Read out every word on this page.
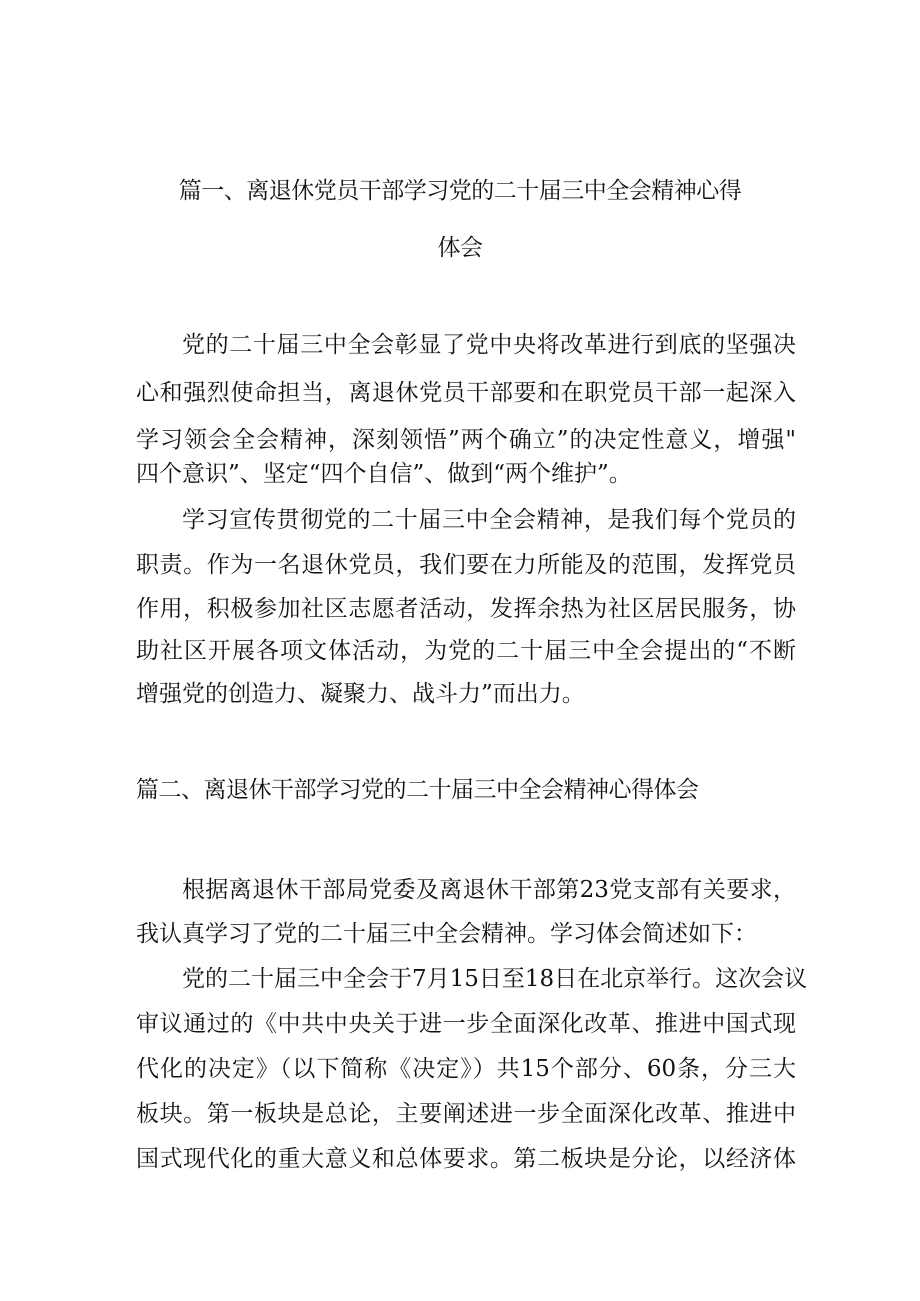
篇一、离退休党员干部学习党的二十届三中全会精神心得
体会

党的二十届三中全会彰显了党中央将改革进行到底的坚强决

心和强烈使命担当，离退休党员干部要和在职党员干部一起深入

学习领会全会精神，深刻领悟”两个确立”的决定性意义，增强"

四个意识”、坚定“四个自信”、做到“两个维护”。

学习宣传贯彻党的二十届三中全会精神，是我们每个党员的

职责。作为一名退休党员，我们要在力所能及的范围，发挥党员

作用，积极参加社区志愿者活动，发挥余热为社区居民服务，协

助社区开展各项文体活动，为党的二十届三中全会提出的“不断

增强党的创造力、凝聚力、战斗力”而出力。

篇二、离退休干部学习党的二十届三中全会精神心得体会

根据离退休干部局党委及离退休干部第23党支部有关要求，

我认真学习了党的二十届三中全会精神。学习体会简述如下：

党的二十届三中全会于7月15日至18日在北京举行。这次会议

审议通过的《中共中央关于进一步全面深化改革、推进中国式现

代化的决定》（以下简称《决定》）共15个部分、60条，分三大

板块。第一板块是总论，主要阐述进一步全面深化改革、推进中

国式现代化的重大意义和总体要求。第二板块是分论，以经济体
